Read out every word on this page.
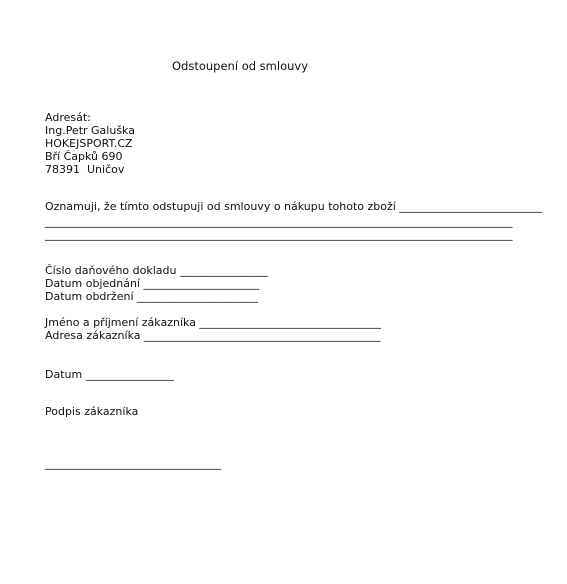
Odstoupení od smlouvy
Adresát:
Ing.Petr Galuška
HOKEJSPORT.CZ
Bří Čapků 690
78391  Uničov
Oznamuji, že tímto odstupuji od smlouvy o nákupu tohoto zboží __________________________
_____________________________________________________________________________________
_____________________________________________________________________________________
Číslo daňového dokladu ________________
Datum objednání _____________________
Datum obdržení ______________________
Jméno a příjmení zákazníka _________________________________
Adresa zákazníka ___________________________________________
Datum ________________
Podpis zákazníka
________________________________
